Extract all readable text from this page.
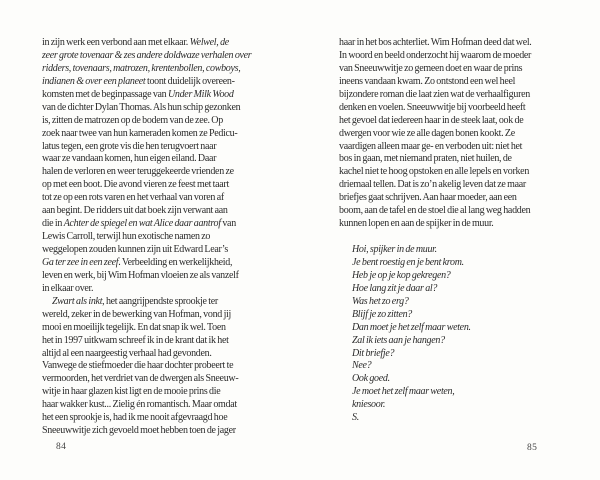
in zijn werk een verbond aan met elkaar. Welwel, de
zeer grote tovenaar & zes andere doldwaze verhalen over
ridders, tovenaars, matrozen, krentenbollen, cowboys,
indianen & over een planeet toont duidelijk overeen-
komsten met de beginpassage van Under Milk Wood
van de dichter Dylan Thomas. Als hun schip gezonken
is, zitten de matrozen op de bodem van de zee. Op
zoek naar twee van hun kameraden komen ze Pedicu-
latus tegen, een grote vis die hen terugvoert naar
waar ze vandaan komen, hun eigen eiland. Daar
halen de verloren en weer teruggekeerde vrienden ze
op met een boot. Die avond vieren ze feest met taart
tot ze op een rots varen en het verhaal van voren af
aan begint. De ridders uit dat boek zijn verwant aan
die in Achter de spiegel en wat Alice daar aantrof van
Lewis Carroll, terwijl hun exotische namen zo
weggelopen zouden kunnen zijn uit Edward Lear’s
Ga ter zee in een zeef. Verbeelding en werkelijkheid,
leven en werk, bij Wim Hofman vloeien ze als vanzelf
in elkaar over.
Zwart als inkt, het aangrijpendste sprookje ter
wereld, zeker in de bewerking van Hofman, vond jij
mooi en moeilijk tegelijk. En dat snap ik wel. Toen
het in 1997 uitkwam schreef ik in de krant dat ik het
altijd al een naargeestig verhaal had gevonden.
Vanwege de stiefmoeder die haar dochter probeert te
vermoorden, het verdriet van de dwergen als Sneeuw-
witje in haar glazen kist ligt en de mooie prins die
haar wakker kust... Zielig én romantisch. Maar omdat
het een sprookje is, had ik me nooit afgevraagd hoe
Sneeuwwitje zich gevoeld moet hebben toen de jager
84
haar in het bos achterliet. Wim Hofman deed dat wel.
In woord en beeld onderzocht hij waarom de moeder
van Sneeuwwitje zo gemeen doet en waar de prins
ineens vandaan kwam. Zo ontstond een wel heel
bijzondere roman die laat zien wat de verhaalfiguren
denken en voelen. Sneeuwwitje bij voorbeeld heeft
het gevoel dat iedereen haar in de steek laat, ook de
dwergen voor wie ze alle dagen bonen kookt. Ze
vaardigen alleen maar ge- en verboden uit: niet het
bos in gaan, met niemand praten, niet huilen, de
kachel niet te hoog opstoken en alle lepels en vorken
driemaal tellen. Dat is zo’n akelig leven dat ze maar
briefjes gaat schrijven. Aan haar moeder, aan een
boom, aan de tafel en de stoel die al lang weg hadden
kunnen lopen en aan de spijker in de muur.
Hoi, spijker in de muur.
Je bent roestig en je bent krom.
Heb je op je kop gekregen?
Hoe lang zit je daar al?
Was het zo erg?
Blijf je zo zitten?
Dan moet je het zelf maar weten.
Zal ik iets aan je hangen?
Dit briefje?
Nee?
Ook goed.
Je moet het zelf maar weten,
kniesoor.
S.
85
